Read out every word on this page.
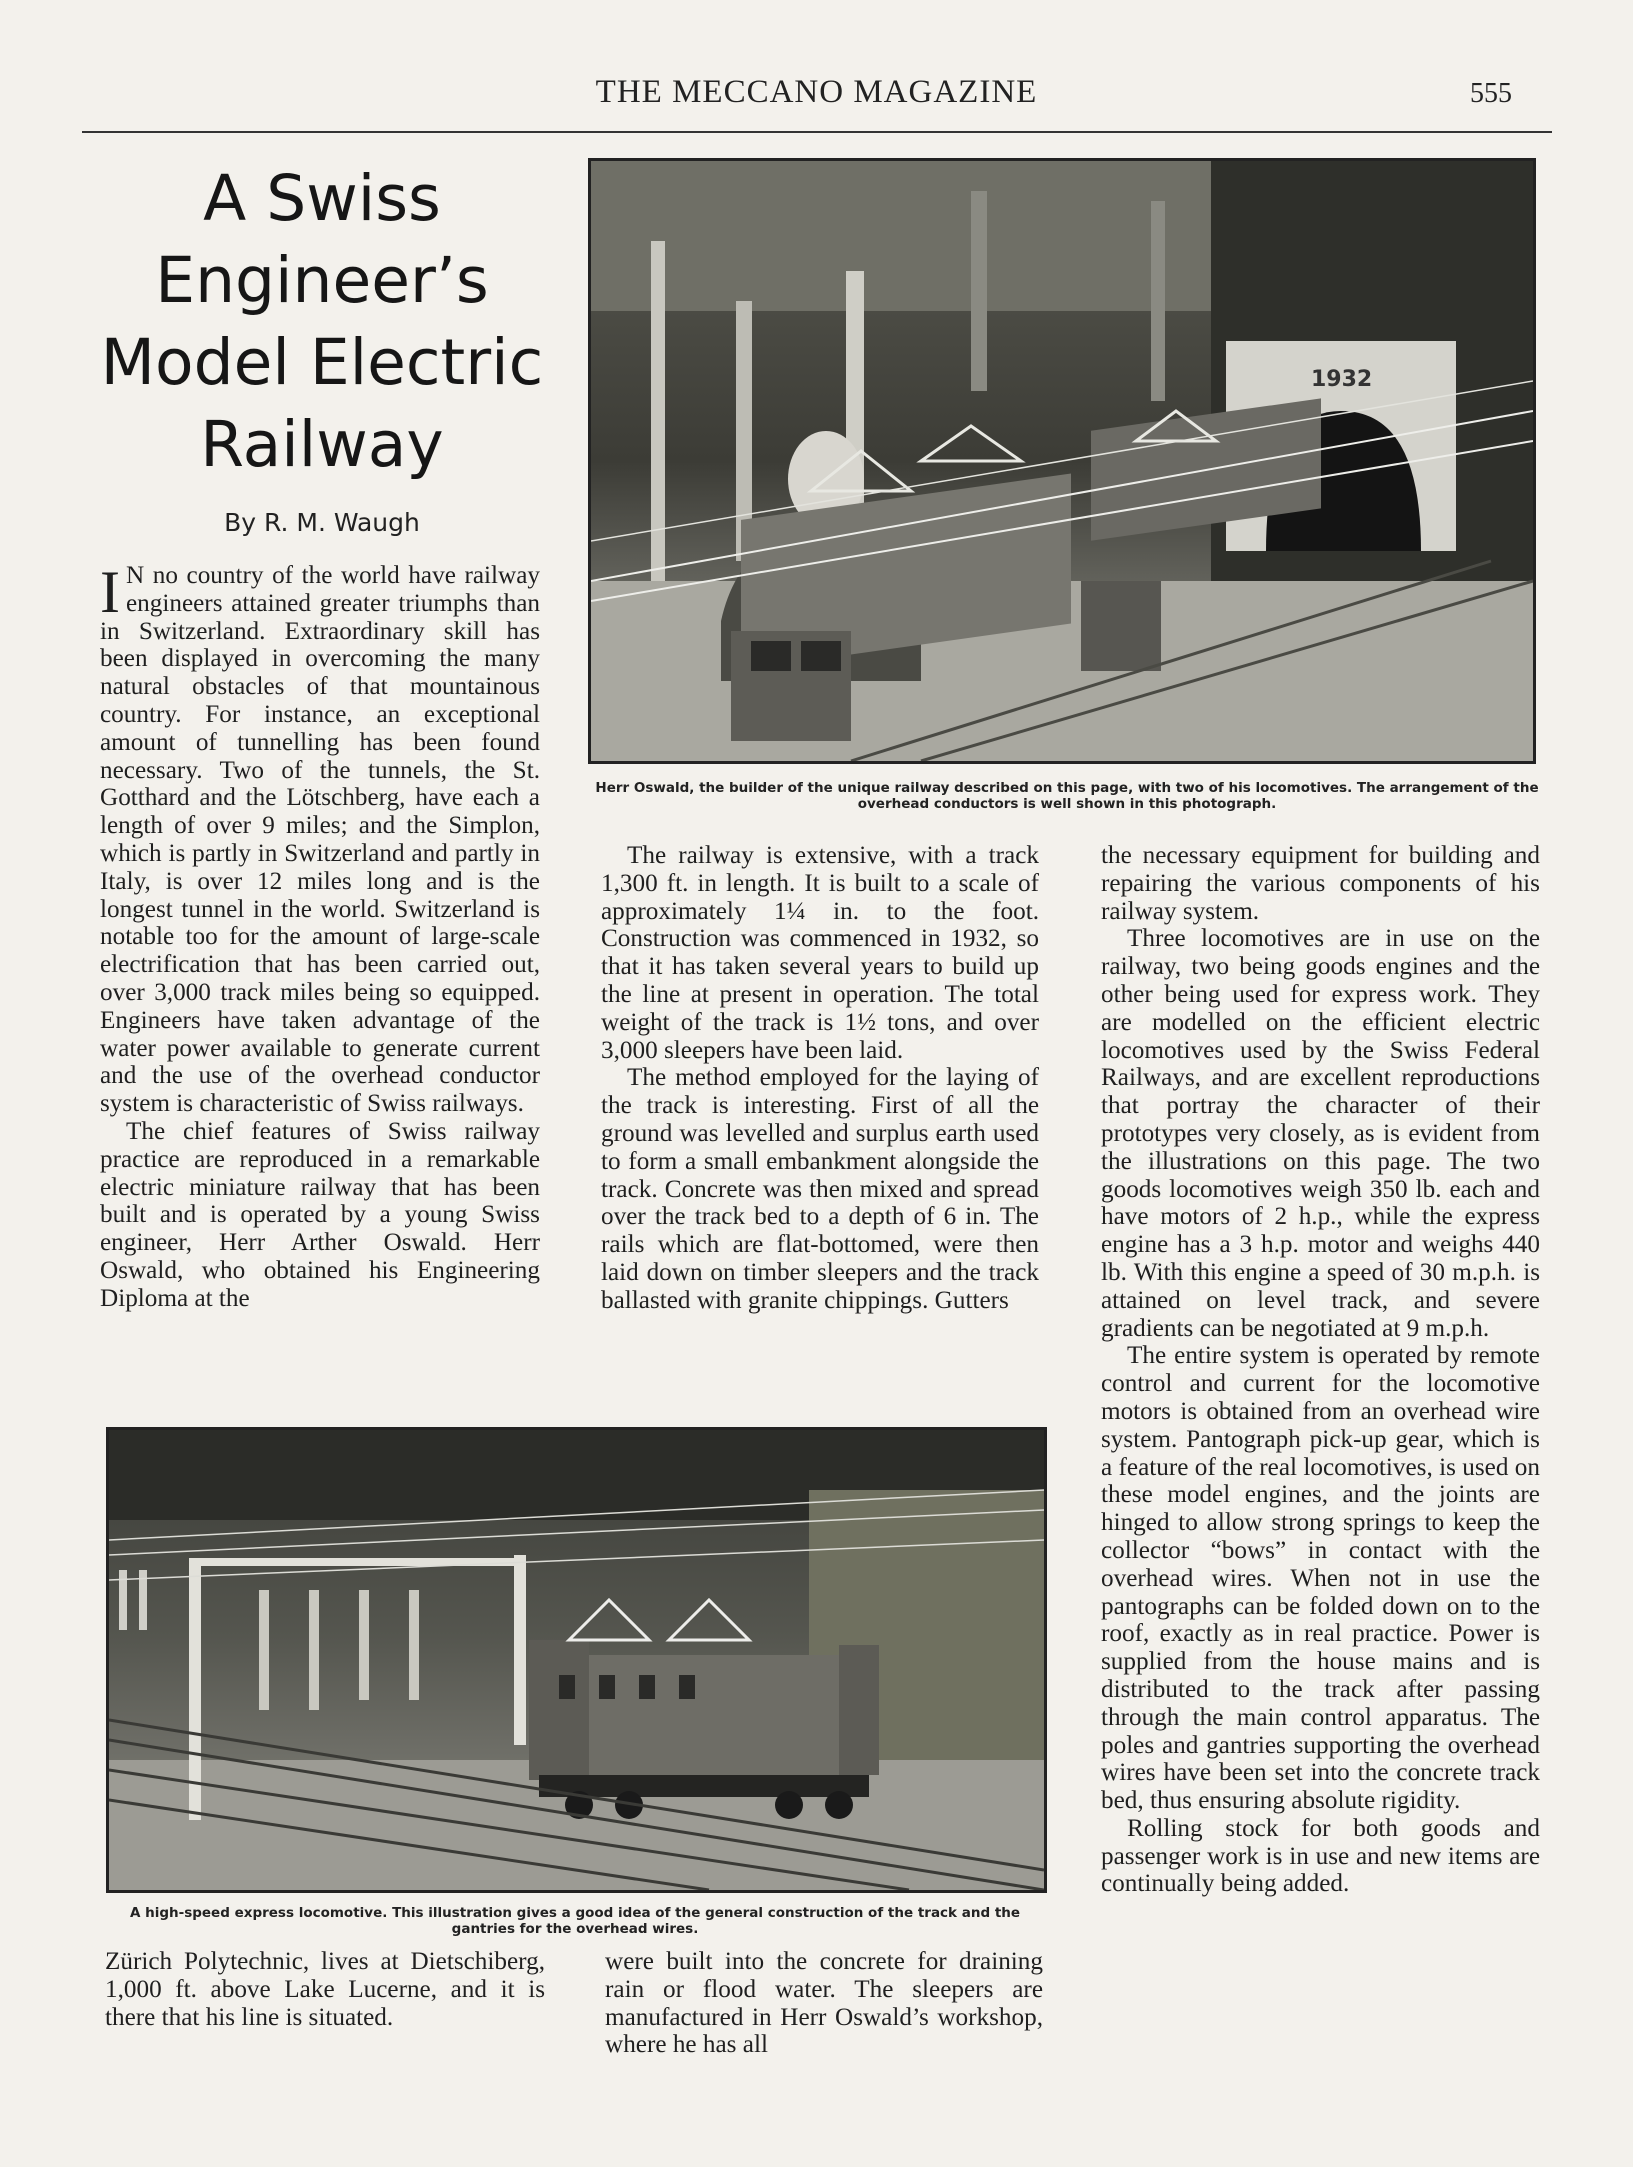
THE MECCANO MAGAZINE	555
A Swiss
Engineer’s
Model Electric
Railway
By R. M. Waugh

I N no country of the world have railway engineers attained greater triumphs than in Switzerland. Extraordinary skill has been displayed in overcoming the many natural obstacles of that mountainous country. For instance, an exceptional amount of tunnelling has been found necessary. Two of the tunnels, the St. Gotthard and the Lötschberg, have each a length of over 9 miles; and the Simplon, which is partly in Switzerland and partly in Italy, is over 12 miles long and is the longest tunnel in the world. Switzerland is notable too for the amount of large-scale electrification that has been carried out, over 3,000 track miles being so equipped. Engineers have taken advantage of the water power available to generate current and the use of the overhead conductor system is characteristic of Swiss railways.

The chief features of Swiss railway practice are reproduced in a remarkable electric miniature railway that has been built and is operated by a young Swiss engineer, Herr Arther Oswald. Herr Oswald, who obtained his Engineering Diploma at the

1932
Herr Oswald, the builder of the unique railway described on this page, with two of his locomotives. The arrangement of the overhead conductors is well shown in this photograph.

The railway is extensive, with a track 1,300 ft. in length. It is built to a scale of approximately 1¼ in. to the foot. Construction was commenced in 1932, so that it has taken several years to build up the line at present in operation. The total weight of the track is 1½ tons, and over 3,000 sleepers have been laid.

The method employed for the laying of the track is interesting. First of all the ground was levelled and surplus earth used to form a small embankment alongside the track. Concrete was then mixed and spread over the track bed to a depth of 6 in. The rails which are flat-bottomed, were then laid down on timber sleepers and the track ballasted with granite chippings. Gutters

the necessary equipment for building and repairing the various components of his railway system.

Three locomotives are in use on the railway, two being goods engines and the other being used for express work. They are modelled on the efficient electric locomotives used by the Swiss Federal Railways, and are excellent reproductions that portray the character of their prototypes very closely, as is evident from the illustrations on this page. The two goods locomotives weigh 350 lb. each and have motors of 2 h.p., while the express engine has a 3 h.p. motor and weighs 440 lb. With this engine a speed of 30 m.p.h. is attained on level track, and severe gradients can be negotiated at 9 m.p.h.

The entire system is operated by remote control and current for the locomotive motors is obtained from an overhead wire system. Pantograph pick-up gear, which is a feature of the real locomotives, is used on these model engines, and the joints are hinged to allow strong springs to keep the collector “bows” in contact with the overhead wires. When not in use the pantographs can be folded down on to the roof, exactly as in real practice. Power is supplied from the house mains and is distributed to the track after passing through the main control apparatus. The poles and gantries supporting the overhead wires have been set into the concrete track bed, thus ensuring absolute rigidity.

Rolling stock for both goods and passenger work is in use and new items are continually being added.

A high-speed express locomotive. This illustration gives a good idea of the general construction of the track and the gantries for the overhead wires.

Zürich Polytechnic, lives at Dietschiberg, 1,000 ft. above Lake Lucerne, and it is there that his line is situated.

were built into the concrete for draining rain or flood water. The sleepers are manufactured in Herr Oswald’s workshop, where he has all
